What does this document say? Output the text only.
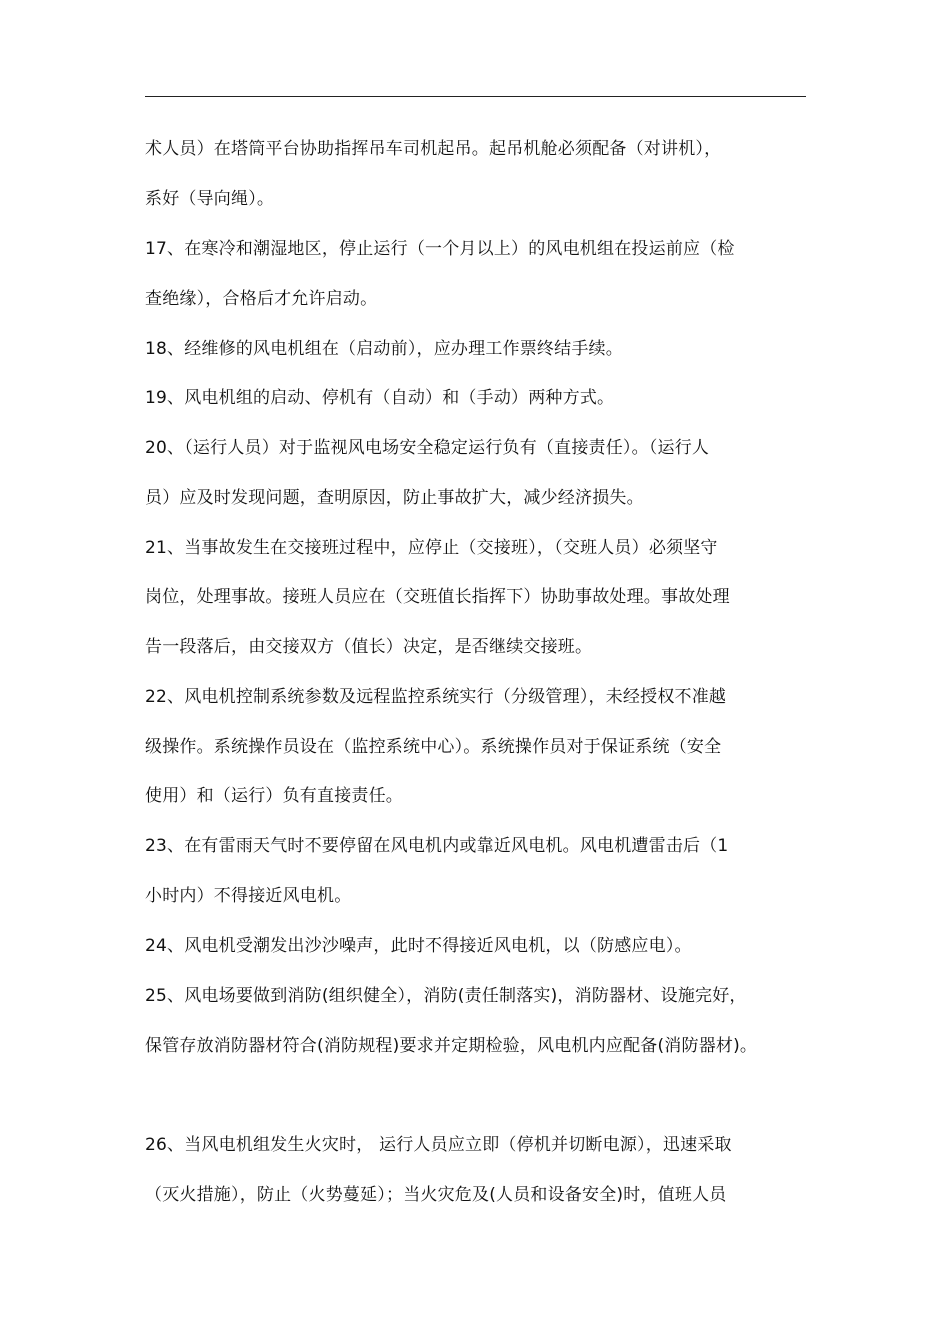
术人员）在塔筒平台协助指挥吊车司机起吊。起吊机舱必须配备（对讲机），
系好（导向绳）。
17、在寒冷和潮湿地区，停止运行（一个月以上）的风电机组在投运前应（检
查绝缘），合格后才允许启动。
18、经维修的风电机组在（启动前），应办理工作票终结手续。
19、风电机组的启动、停机有（自动）和（手动）两种方式。
20、（运行人员）对于监视风电场安全稳定运行负有（直接责任）。（运行人
员）应及时发现问题，查明原因，防止事故扩大，减少经济损失。
21、当事故发生在交接班过程中，应停止（交接班），（交班人员）必须坚守
岗位，处理事故。接班人员应在（交班值长指挥下）协助事故处理。事故处理
告一段落后，由交接双方（值长）决定，是否继续交接班。
22、风电机控制系统参数及远程监控系统实行（分级管理），未经授权不准越
级操作。系统操作员设在（监控系统中心）。系统操作员对于保证系统（安全
使用）和（运行）负有直接责任。
23、在有雷雨天气时不要停留在风电机内或靠近风电机。风电机遭雷击后（1
小时内）不得接近风电机。
24、风电机受潮发出沙沙噪声，此时不得接近风电机，以（防感应电）。
25、风电场要做到消防(组织健全），消防(责任制落实)，消防器材、设施完好，
保管存放消防器材符合(消防规程)要求并定期检验，风电机内应配备(消防器材)。
26、当风电机组发生火灾时， 运行人员应立即（停机并切断电源），迅速采取
（灭火措施），防止（火势蔓延）；当火灾危及(人员和设备安全)时，值班人员
